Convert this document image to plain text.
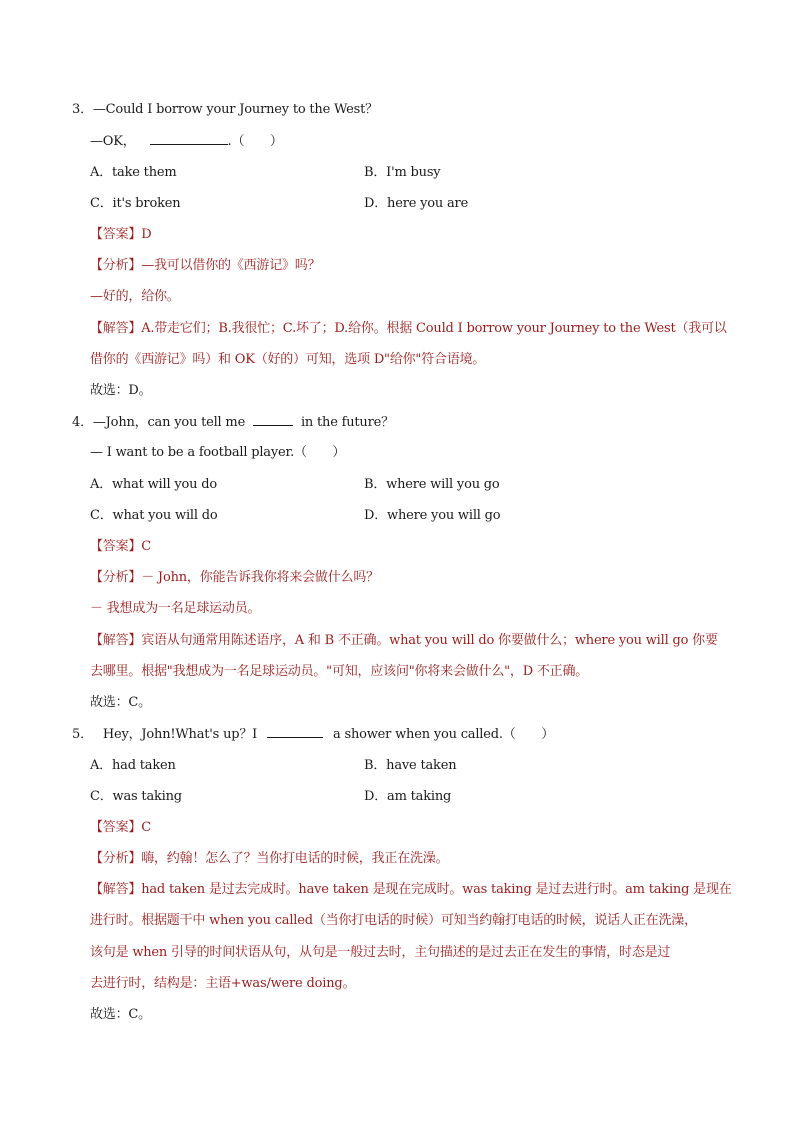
3．—Could I borrow your Journey to the West？
—OK，	.（　　）
A．take them	B．I'm busy
C．it's broken	D．here you are
【答案】D
【分析】—我可以借你的《西游记》吗？
—好的，给你。
【解答】A.带走它们；B.我很忙；C.坏了；D.给你。根据 Could I borrow your Journey to the West（我可以
借你的《西游记》吗）和 OK（好的）可知，选项 D"给你"符合语境。
故选：D。
4．—John，can you tell me	in the future？
— I want to be a football player.（　　）
A．what will you do	B．where will you go
C．what you will do	D．where you will go
【答案】C
【分析】－ John，你能告诉我你将来会做什么吗？
－ 我想成为一名足球运动员。
【解答】宾语从句通常用陈述语序，A 和 B 不正确。what you will do 你要做什么；where you will go 你要
去哪里。根据"我想成为一名足球运动员。"可知，应该问"你将来会做什么"，D 不正确。
故选：C。
5． Hey，John!What's up？I	a shower when you called.（　　）
A．had taken	B．have taken
C．was taking	D．am taking
【答案】C
【分析】嗨，约翰！怎么了？当你打电话的时候，我正在洗澡。
【解答】had taken 是过去完成时。have taken 是现在完成时。was taking 是过去进行时。am taking 是现在
进行时。根据题干中 when you called（当你打电话的时候）可知当约翰打电话的时候，说话人正在洗澡，
该句是 when 引导的时间状语从句，从句是一般过去时，主句描述的是过去正在发生的事情，时态是过
去进行时，结构是：主语+was/were doing。
故选：C。
